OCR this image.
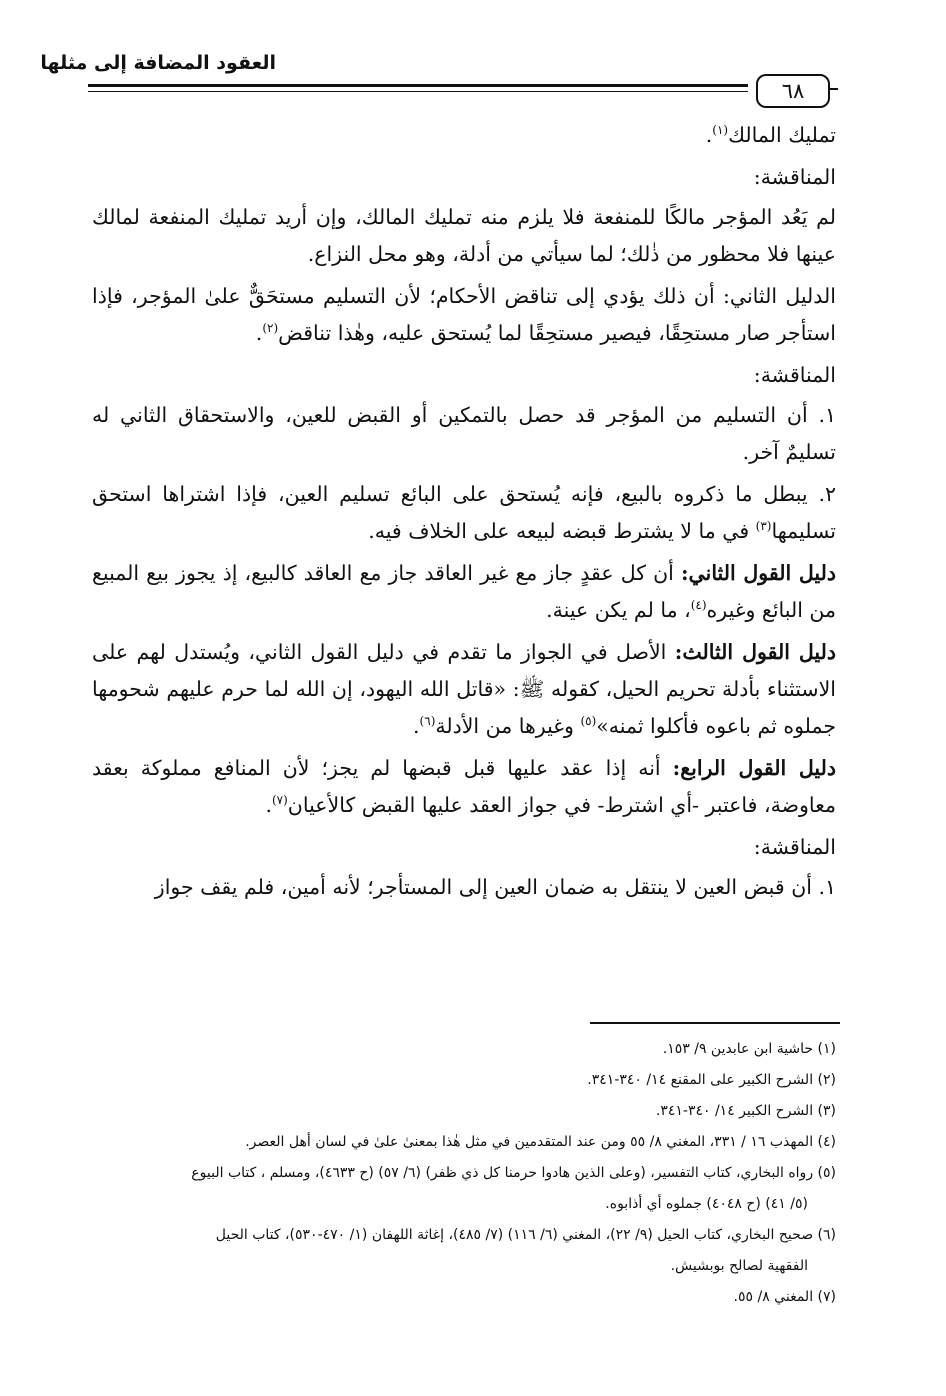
العقود المضافة إلى مثلها
٦٨

تمليك المالك$^{(١)}$.

المناقشة:

لم يَعُد المؤجر مالكًا للمنفعة فلا يلزم منه تمليك المالك، وإن أريد تمليك المنفعة لمالك عينها فلا محظور من ذٰلك؛ لما سيأتي من أدلة، وهو محل النزاع.

الدليل الثاني: أن ذلك يؤدي إلى تناقض الأحكام؛ لأن التسليم مستحَقٌّ علىٰ المؤجر، فإذا استأجر صار مستحِقًا، فيصير مستحِقًا لما يُستحق عليه، وهٰذا تناقض$^{(٢)}$.

المناقشة:

١. أن التسليم من المؤجر قد حصل بالتمكين أو القبض للعين، والاستحقاق الثاني له تسليمٌ آخر.

٢. يبطل ما ذكروه بالبيع، فإنه يُستحق على البائع تسليم العين، فإذا اشتراها استحق تسليمها$^{(٣)}$ في ما لا يشترط قبضه لبيعه على الخلاف فيه.

دليل القول الثاني: أن كل عقدٍ جاز مع غير العاقد جاز مع العاقد كالبيع، إذ يجوز بيع المبيع من البائع وغيره$^{(٤)}$، ما لم يكن عينة.

دليل القول الثالث: الأصل في الجواز ما تقدم في دليل القول الثاني، ويُستدل لهم على الاستثناء بأدلة تحريم الحيل، كقوله ﷺ: «قاتل الله اليهود، إن الله لما حرم عليهم شحومها جملوه ثم باعوه فأكلوا ثمنه»$^{(٥)}$ وغيرها من الأدلة$^{(٦)}$.

دليل القول الرابع: أنه إذا عقد عليها قبل قبضها لم يجز؛ لأن المنافع مملوكة بعقد معاوضة، فاعتبر -أي اشترط- في جواز العقد عليها القبض كالأعيان$^{(٧)}$.

المناقشة:

١. أن قبض العين لا ينتقل به ضمان العين إلى المستأجر؛ لأنه أمين، فلم يقف جواز

(١) حاشية ابن عابدين ٩/ ١٥٣.

(٢) الشرح الكبير على المقنع ١٤/ ٣٤٠-٣٤١.

(٣) الشرح الكبير ١٤/ ٣٤٠-٣٤١.

(٤) المهذب ١٦ / ٣٣١، المغني ٨/ ٥٥ ومن عند المتقدمين في مثل هٰذا بمعنىٰ علىٰ في لسان أهل العصر.

(٥) رواه البخاري، كتاب التفسير، (وعلى الذين هادوا حرمنا كل ذي ظفر) (٦/ ٥٧) (ح ٤٦٣٣)، ومسلم ، كتاب البيوع
(٥/ ٤١) (ح ٤٠٤٨) جملوه أي أذابوه.

(٦) صحيح البخاري، كتاب الحيل (٩/ ٢٢)، المغني (٦/ ١١٦) (٧/ ٤٨٥)، إغاثة اللهفان (١/ ٤٧٠-٥٣٠)، كتاب الحيل
الفقهية لصالح بوبشيش.

(٧) المغني ٨/ ٥٥.
